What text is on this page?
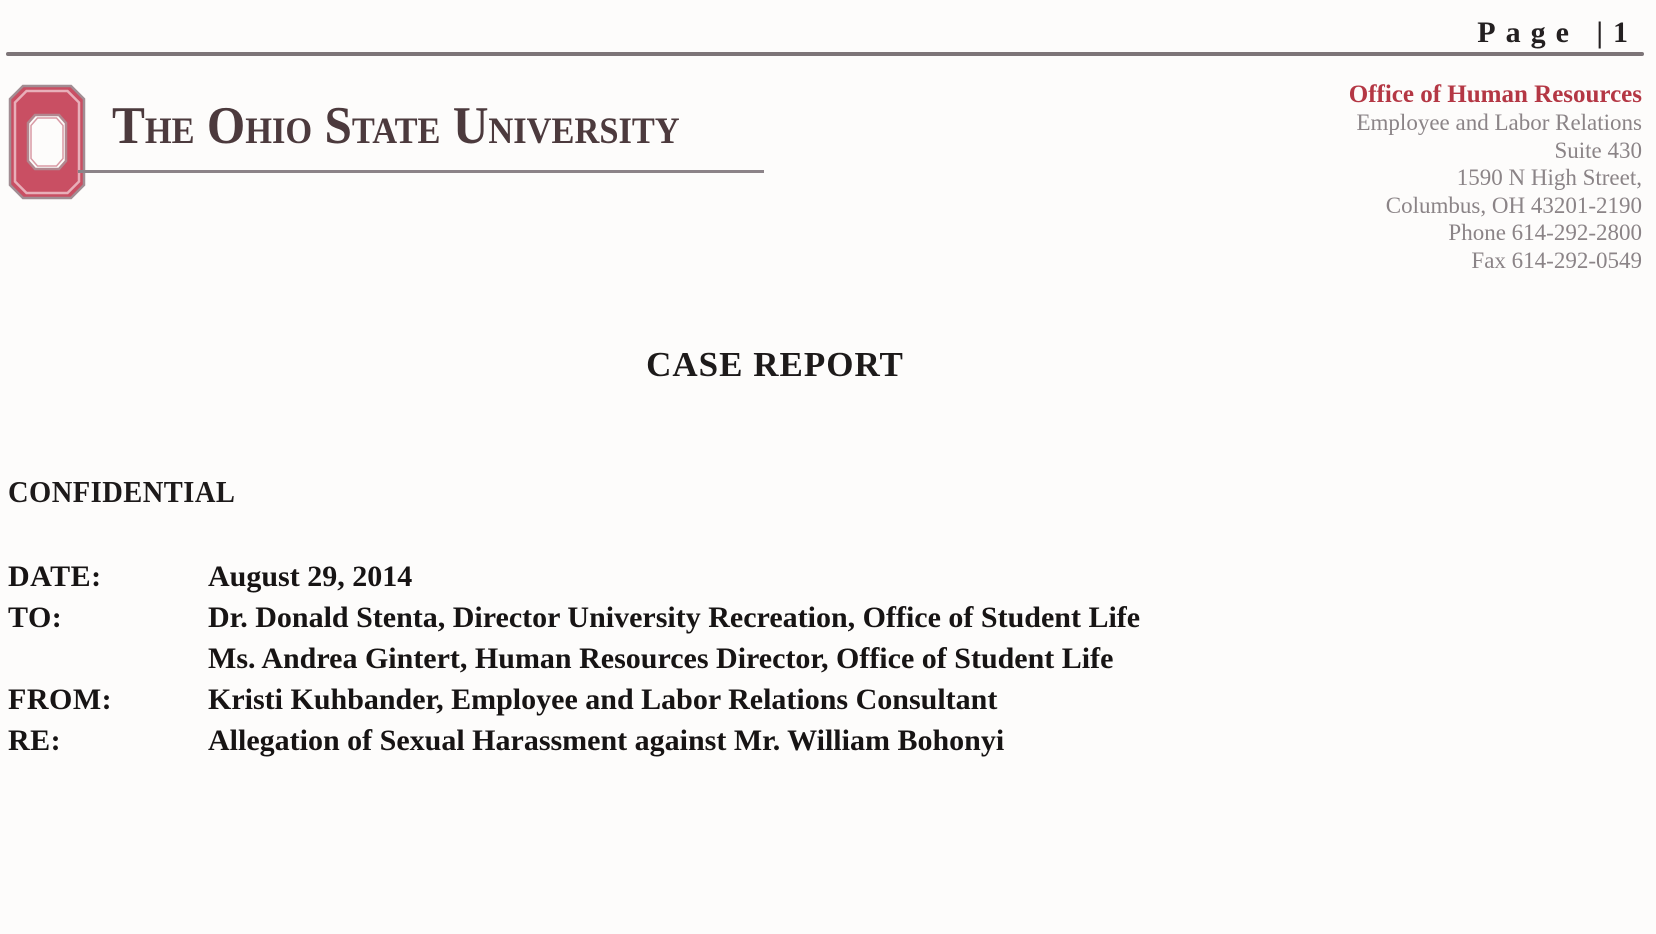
Page |1
The Ohio State University
Office of Human Resources
Employee and Labor Relations
Suite 430
1590 N High Street,
Columbus, OH 43201-2190
Phone 614-292-2800
Fax 614-292-0549
CASE REPORT
CONFIDENTIAL
DATE:	August 29, 2014
TO:	Dr. Donald Stenta, Director University Recreation, Office of Student Life
Ms. Andrea Gintert, Human Resources Director, Office of Student Life
FROM:	Kristi Kuhbander, Employee and Labor Relations Consultant
RE:	Allegation of Sexual Harassment against Mr. William Bohonyi
